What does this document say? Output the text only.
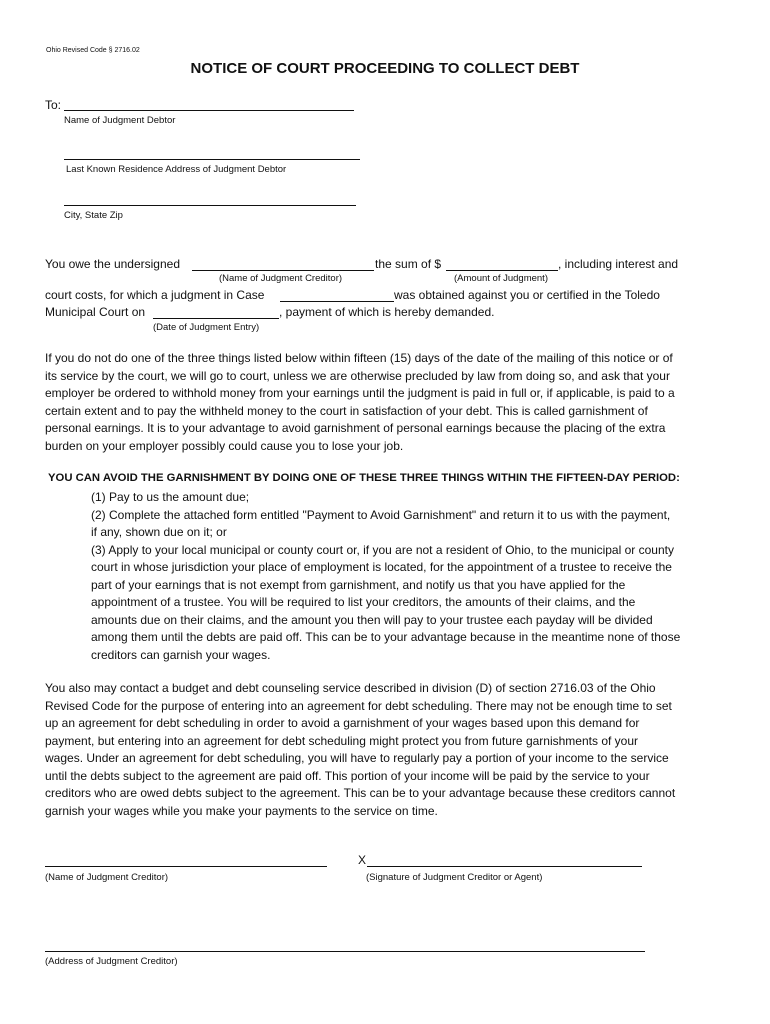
Ohio Revised Code § 2716.02
NOTICE OF COURT PROCEEDING TO COLLECT DEBT
To:
Name of Judgment Debtor
Last Known Residence Address of Judgment Debtor
City, State Zip
You owe the undersigned	the sum of $	, including interest and
(Name of Judgment Creditor)	(Amount of Judgment)
court costs, for which a judgment in Case	was obtained against you or certified in the Toledo
Municipal Court on	, payment of which is hereby demanded.
(Date of Judgment Entry)
If you do not do one of the three things listed below within fifteen (15) days of the date of the mailing of this notice or of
its service by the court, we will go to court, unless we are otherwise precluded by law from doing so, and ask that your
employer be ordered to withhold money from your earnings until the judgment is paid in full or, if applicable, is paid to a
certain extent and to pay the withheld money to the court in satisfaction of your debt. This is called garnishment of
personal earnings. It is to your advantage to avoid garnishment of personal earnings because the placing of the extra
burden on your employer possibly could cause you to lose your job.
YOU CAN AVOID THE GARNISHMENT BY DOING ONE OF THESE THREE THINGS WITHIN THE FIFTEEN-DAY PERIOD:
(1) Pay to us the amount due;
(2) Complete the attached form entitled "Payment to Avoid Garnishment" and return it to us with the payment,
if any, shown due on it; or
(3) Apply to your local municipal or county court or, if you are not a resident of Ohio, to the municipal or county
court in whose jurisdiction your place of employment is located, for the appointment of a trustee to receive the
part of your earnings that is not exempt from garnishment, and notify us that you have applied for the
appointment of a trustee. You will be required to list your creditors, the amounts of their claims, and the
amounts due on their claims, and the amount you then will pay to your trustee each payday will be divided
among them until the debts are paid off. This can be to your advantage because in the meantime none of those
creditors can garnish your wages.
You also may contact a budget and debt counseling service described in division (D) of section 2716.03 of the Ohio
Revised Code for the purpose of entering into an agreement for debt scheduling. There may not be enough time to set
up an agreement for debt scheduling in order to avoid a garnishment of your wages based upon this demand for
payment, but entering into an agreement for debt scheduling might protect you from future garnishments of your
wages. Under an agreement for debt scheduling, you will have to regularly pay a portion of your income to the service
until the debts subject to the agreement are paid off. This portion of your income will be paid by the service to your
creditors who are owed debts subject to the agreement. This can be to your advantage because these creditors cannot
garnish your wages while you make your payments to the service on time.
(Name of Judgment Creditor)
X
(Signature of Judgment Creditor or Agent)
(Address of Judgment Creditor)
